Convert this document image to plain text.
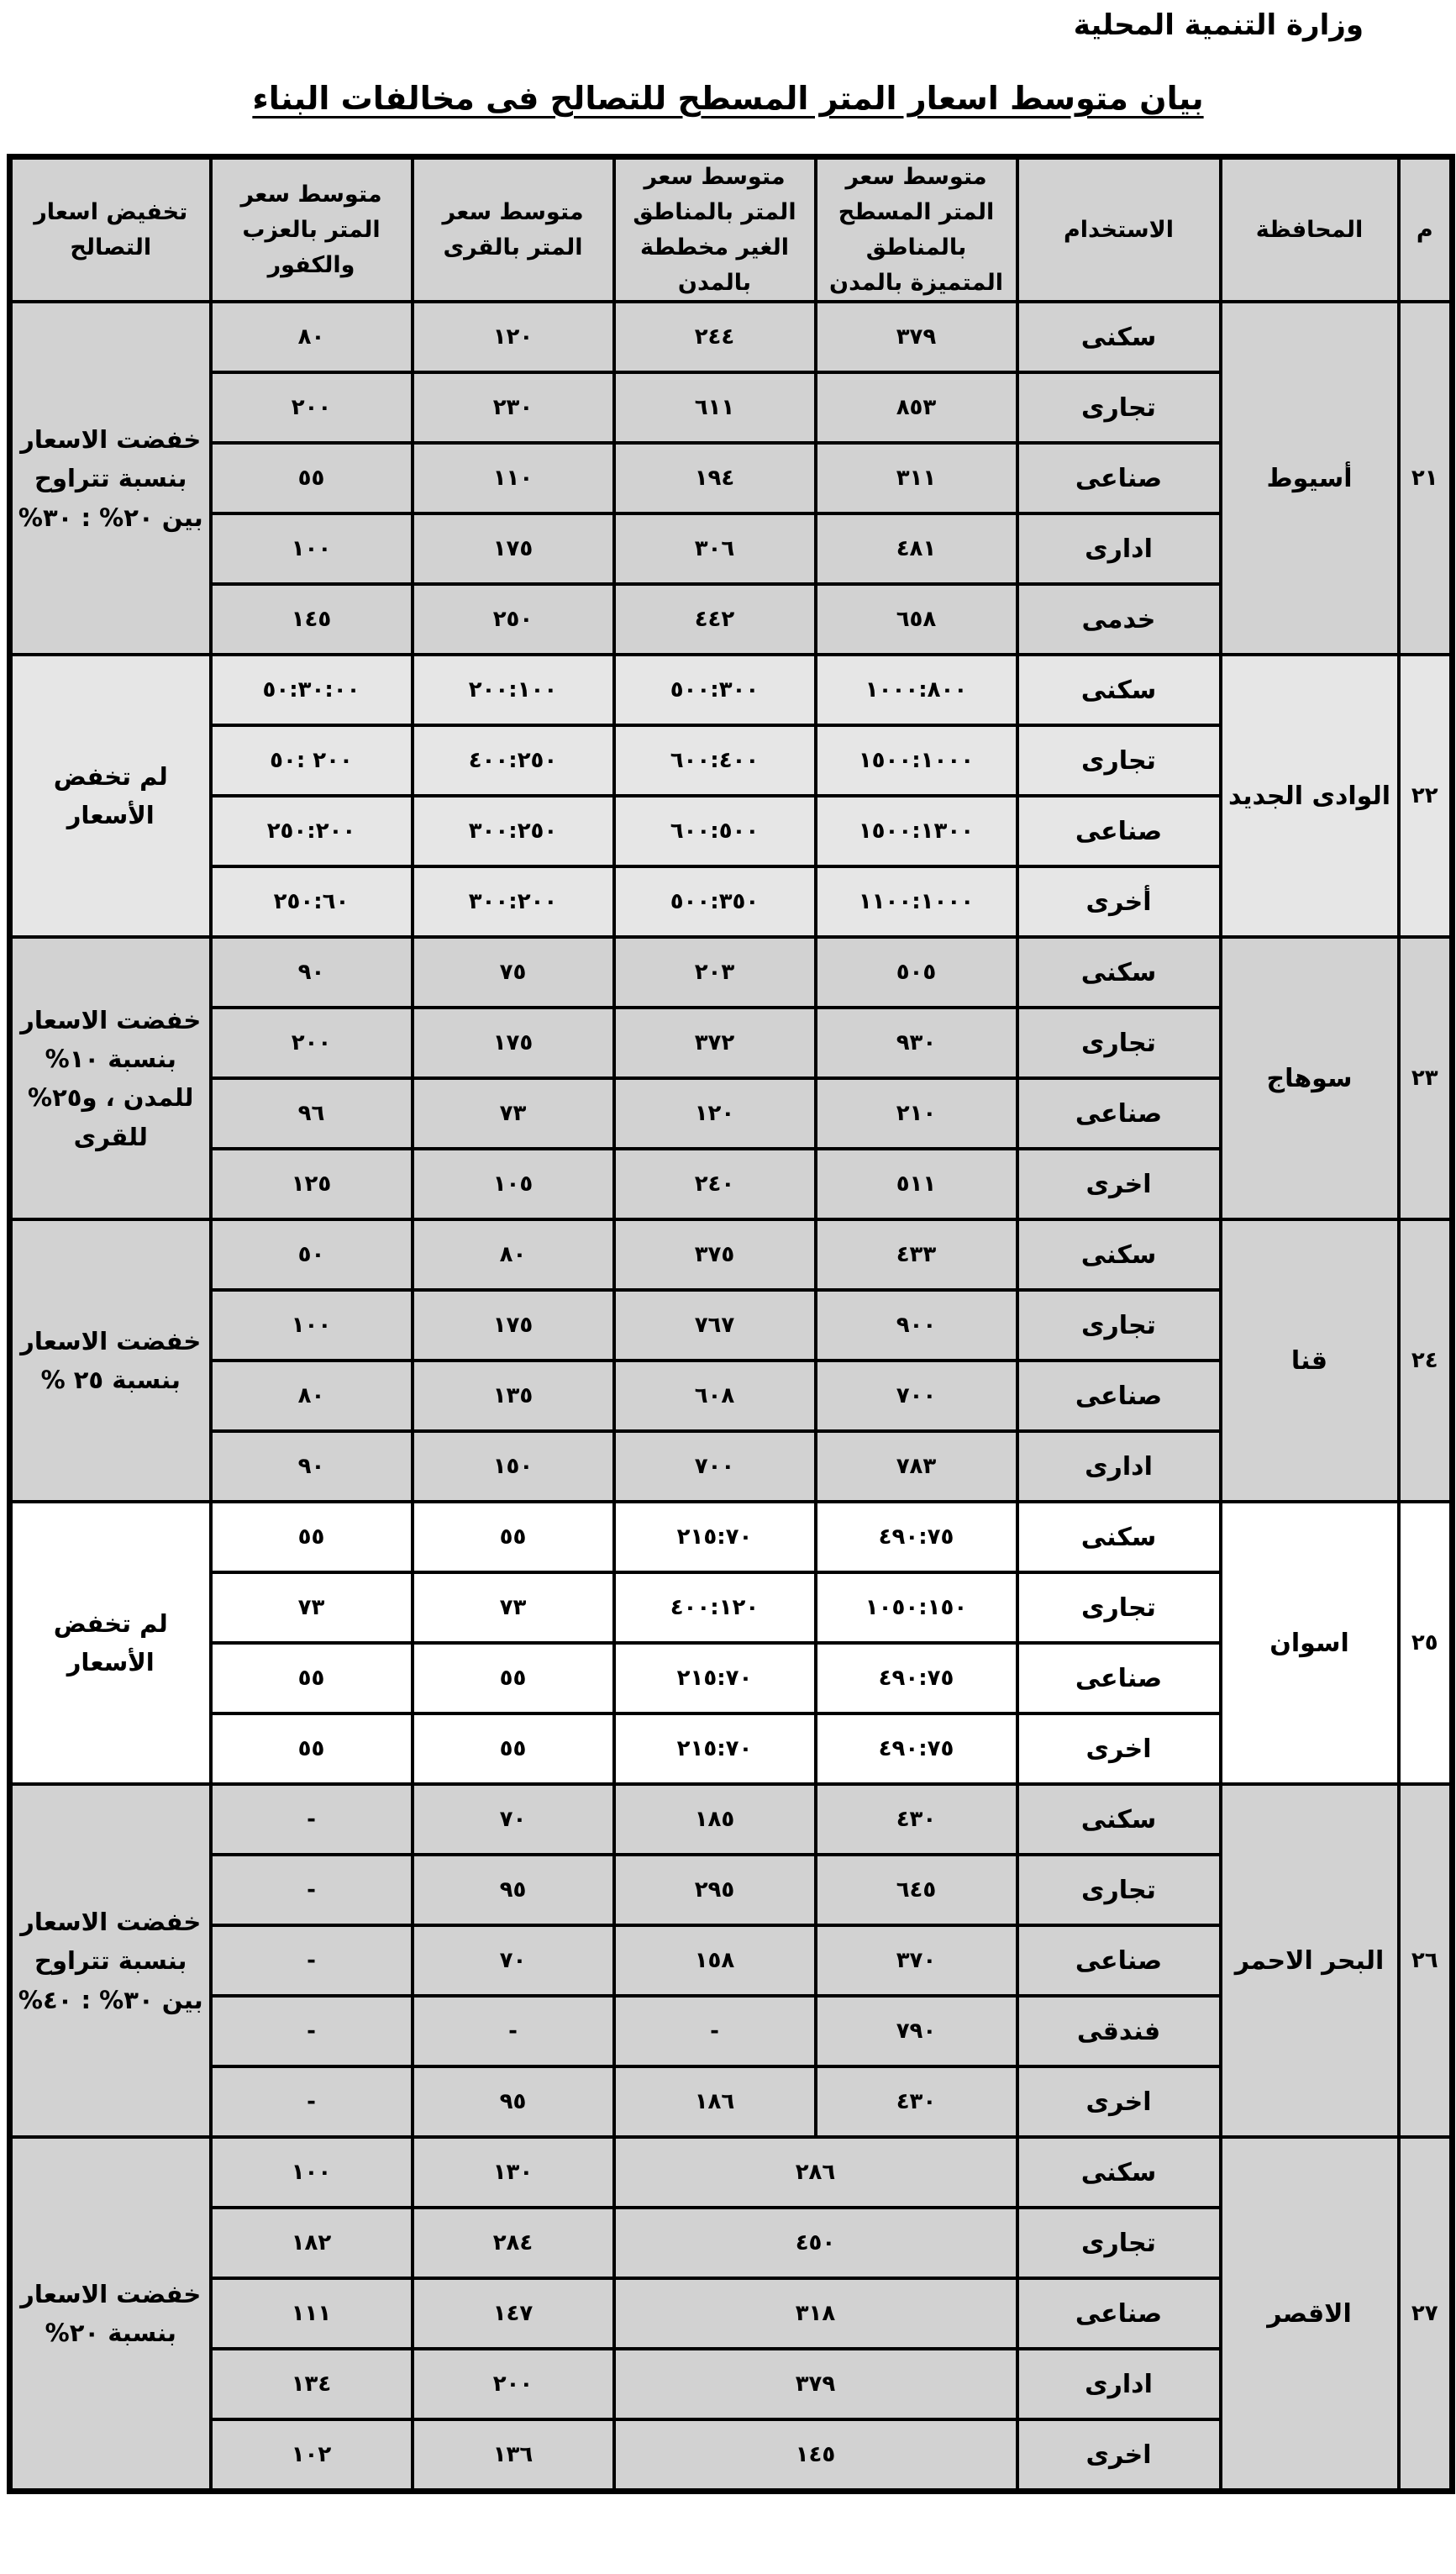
وزارة التنمية المحلية
بيان متوسط اسعار المتر المسطح للتصالح فى مخالفات البناء
م	المحافظة	الاستخدام	متوسط سعر المتر المسطح بالمناطق المتميزة بالمدن	متوسط سعر المتر بالمناطق الغير مخططة بالمدن	متوسط سعر المتر بالقرى	متوسط سعر المتر بالعزب والكفور	تخفيض اسعار التصالح
٢١	أسيوط	سكنى	٣٧٩	٢٤٤	١٢٠	٨٠	خفضت الاسعار بنسبة تتراوح بين ٢٠% : ٣٠%
		تجارى	٨٥٣	٦١١	٢٣٠	٢٠٠	
		صناعى	٣١١	١٩٤	١١٠	٥٥	
		ادارى	٤٨١	٣٠٦	١٧٥	١٠٠	
		خدمى	٦٥٨	٤٤٢	٢٥٠	١٤٥	
٢٢	الوادى الجديد	سكنى	١٠٠٠:٨٠٠	٥٠٠:٣٠٠	٢٠٠:١٠٠	٥٠:٣٠:٠٠	لم تخفض الأسعار
		تجارى	١٥٠٠:١٠٠٠	٦٠٠:٤٠٠	٤٠٠:٢٥٠	٢٠٠ :٥٠	
		صناعى	١٥٠٠:١٣٠٠	٦٠٠:٥٠٠	٣٠٠:٢٥٠	٢٥٠:٢٠٠	
		أخرى	١١٠٠:١٠٠٠	٥٠٠:٣٥٠	٣٠٠:٢٠٠	٢٥٠:٦٠	
٢٣	سوهاج	سكنى	٥٠٥	٢٠٣	٧٥	٩٠	خفضت الاسعار بنسبة ١٠% للمدن ، و٢٥% للقرى
		تجارى	٩٣٠	٣٧٢	١٧٥	٢٠٠	
		صناعى	٢١٠	١٢٠	٧٣	٩٦	
		اخرى	٥١١	٢٤٠	١٠٥	١٢٥	
٢٤	قنا	سكنى	٤٣٣	٣٧٥	٨٠	٥٠	خفضت الاسعار بنسبة ٢٥ %
		تجارى	٩٠٠	٧٦٧	١٧٥	١٠٠	
		صناعى	٧٠٠	٦٠٨	١٣٥	٨٠	
		ادارى	٧٨٣	٧٠٠	١٥٠	٩٠	
٢٥	اسوان	سكنى	٤٩٠:٧٥	٢١٥:٧٠	٥٥	٥٥	لم تخفض الأسعار
		تجارى	١٠٥٠:١٥٠	٤٠٠:١٢٠	٧٣	٧٣	
		صناعى	٤٩٠:٧٥	٢١٥:٧٠	٥٥	٥٥	
		اخرى	٤٩٠:٧٥	٢١٥:٧٠	٥٥	٥٥	
٢٦	البحر الاحمر	سكنى	٤٣٠	١٨٥	٧٠	-	خفضت الاسعار بنسبة تتراوح بين ٣٠% : ٤٠%
		تجارى	٦٤٥	٢٩٥	٩٥	-	
		صناعى	٣٧٠	١٥٨	٧٠	-	
		فندقى	٧٩٠	-	-	-	
		اخرى	٤٣٠	١٨٦	٩٥	-	
٢٧	الاقصر	سكنى	٢٨٦		١٣٠	١٠٠	خفضت الاسعار بنسبة ٢٠%
		تجارى	٤٥٠		٢٨٤	١٨٢	
		صناعى	٣١٨		١٤٧	١١١	
		ادارى	٣٧٩		٢٠٠	١٣٤	
		اخرى	١٤٥		١٣٦	١٠٢	
